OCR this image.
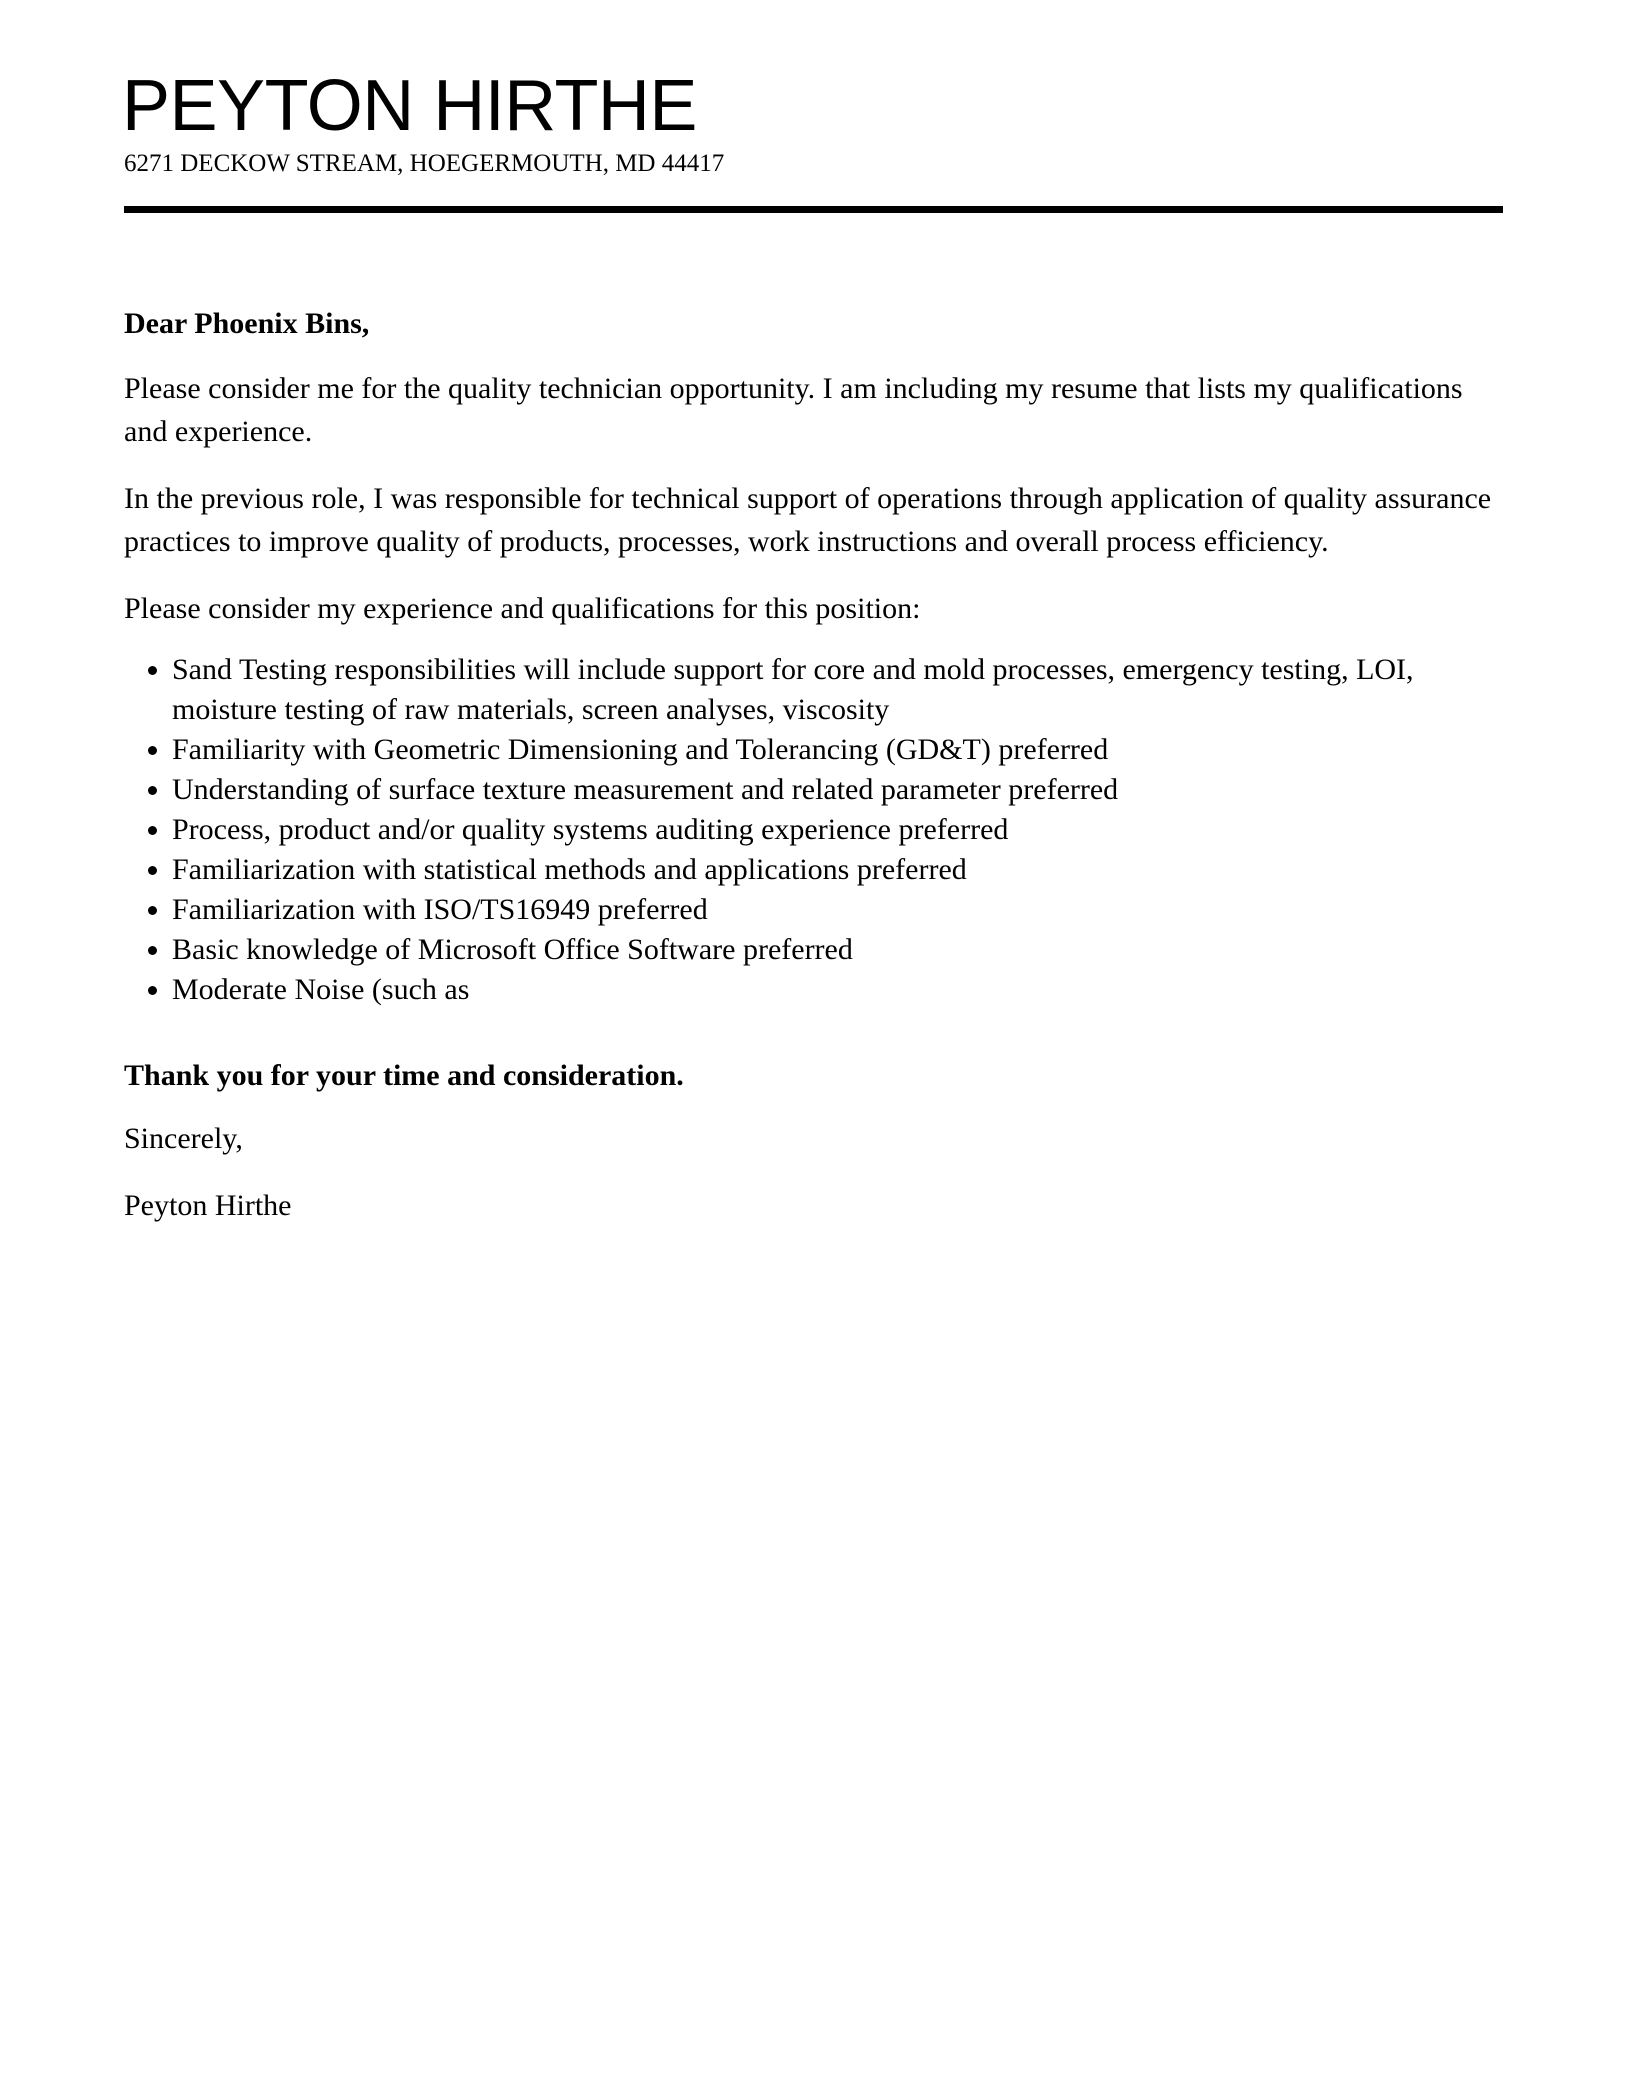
PEYTON HIRTHE
6271 DECKOW STREAM, HOEGERMOUTH, MD 44417

Dear Phoenix Bins,

Please consider me for the quality technician opportunity. I am including my resume that lists my qualifications and experience.

In the previous role, I was responsible for technical support of operations through application of quality assurance practices to improve quality of products, processes, work instructions and overall process efficiency.

Please consider my experience and qualifications for this position:

• Sand Testing responsibilities will include support for core and mold processes, emergency testing, LOI, moisture testing of raw materials, screen analyses, viscosity
• Familiarity with Geometric Dimensioning and Tolerancing (GD&T) preferred
• Understanding of surface texture measurement and related parameter preferred
• Process, product and/or quality systems auditing experience preferred
• Familiarization with statistical methods and applications preferred
• Familiarization with ISO/TS16949 preferred
• Basic knowledge of Microsoft Office Software preferred
• Moderate Noise (such as

Thank you for your time and consideration.

Sincerely,

Peyton Hirthe
